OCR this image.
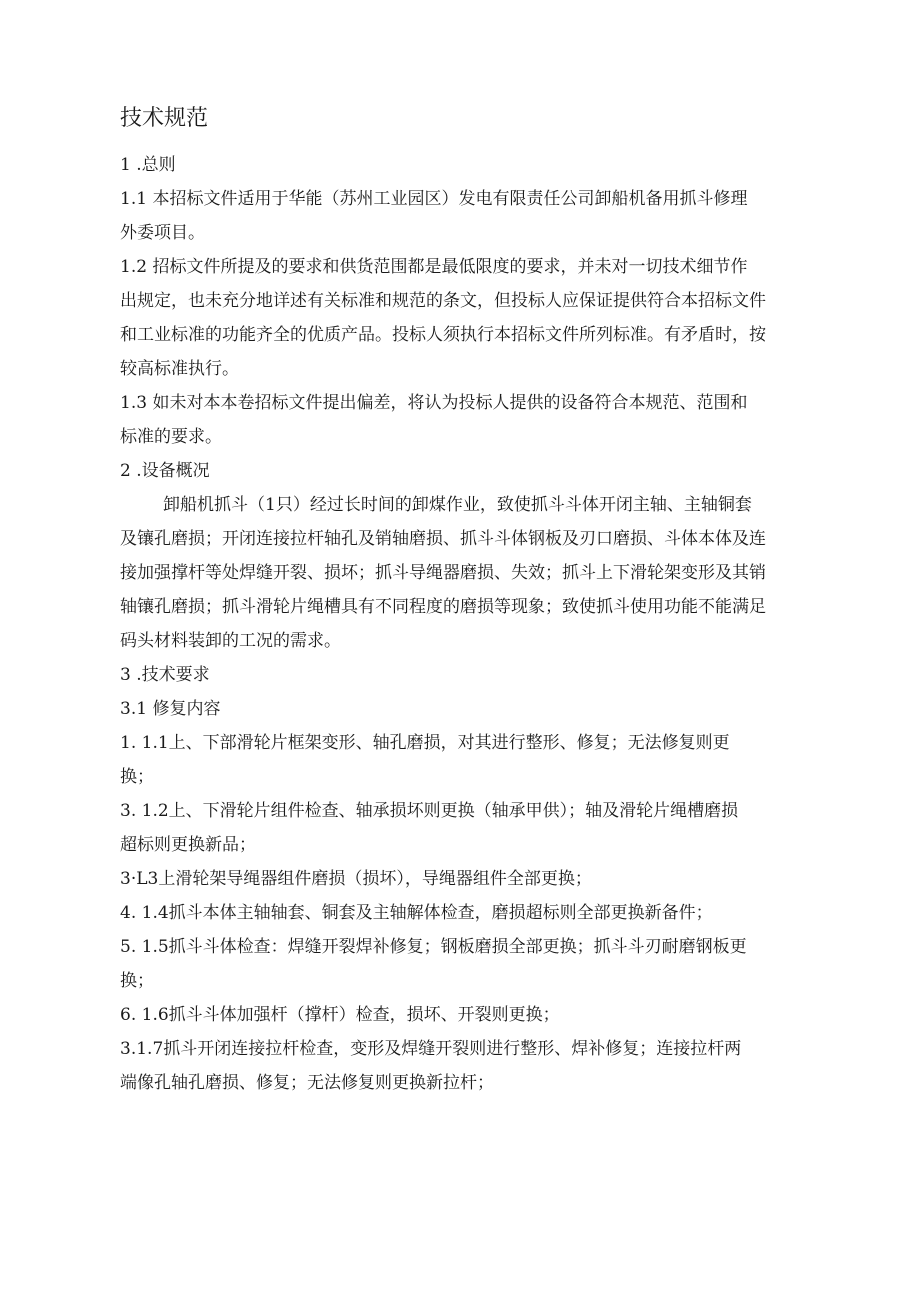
技术规范

1 .总则

1.1 本招标文件适用于华能（苏州工业园区）发电有限责任公司卸船机备用抓斗修理

外委项目。

1.2 招标文件所提及的要求和供货范围都是最低限度的要求，并未对一切技术细节作

出规定，也未充分地详述有关标准和规范的条文，但投标人应保证提供符合本招标文件

和工业标准的功能齐全的优质产品。投标人须执行本招标文件所列标准。有矛盾时，按

较高标准执行。

1.3 如未对本本卷招标文件提出偏差，将认为投标人提供的设备符合本规范、范围和

标准的要求。

2 .设备概况

卸船机抓斗（1只）经过长时间的卸煤作业，致使抓斗斗体开闭主轴、主轴铜套

及镶孔磨损；开闭连接拉杆轴孔及销轴磨损、抓斗斗体钢板及刃口磨损、斗体本体及连

接加强撑杆等处焊缝开裂、损坏；抓斗导绳器磨损、失效；抓斗上下滑轮架变形及其销

轴镶孔磨损；抓斗滑轮片绳槽具有不同程度的磨损等现象；致使抓斗使用功能不能满足

码头材料装卸的工况的需求。

3 .技术要求

3.1 修复内容

1. 1.1上、下部滑轮片框架变形、轴孔磨损，对其进行整形、修复；无法修复则更

换；

3. 1.2上、下滑轮片组件检查、轴承损坏则更换（轴承甲供）；轴及滑轮片绳槽磨损

超标则更换新品；

3·L3上滑轮架导绳器组件磨损（损坏），导绳器组件全部更换；

4. 1.4抓斗本体主轴轴套、铜套及主轴解体检查，磨损超标则全部更换新备件；

5. 1.5抓斗斗体检查：焊缝开裂焊补修复；钢板磨损全部更换；抓斗斗刃耐磨钢板更

换；

6. 1.6抓斗斗体加强杆（撑杆）检查，损坏、开裂则更换；

3.1.7抓斗开闭连接拉杆检查，变形及焊缝开裂则进行整形、焊补修复；连接拉杆两

端像孔轴孔磨损、修复；无法修复则更换新拉杆；
